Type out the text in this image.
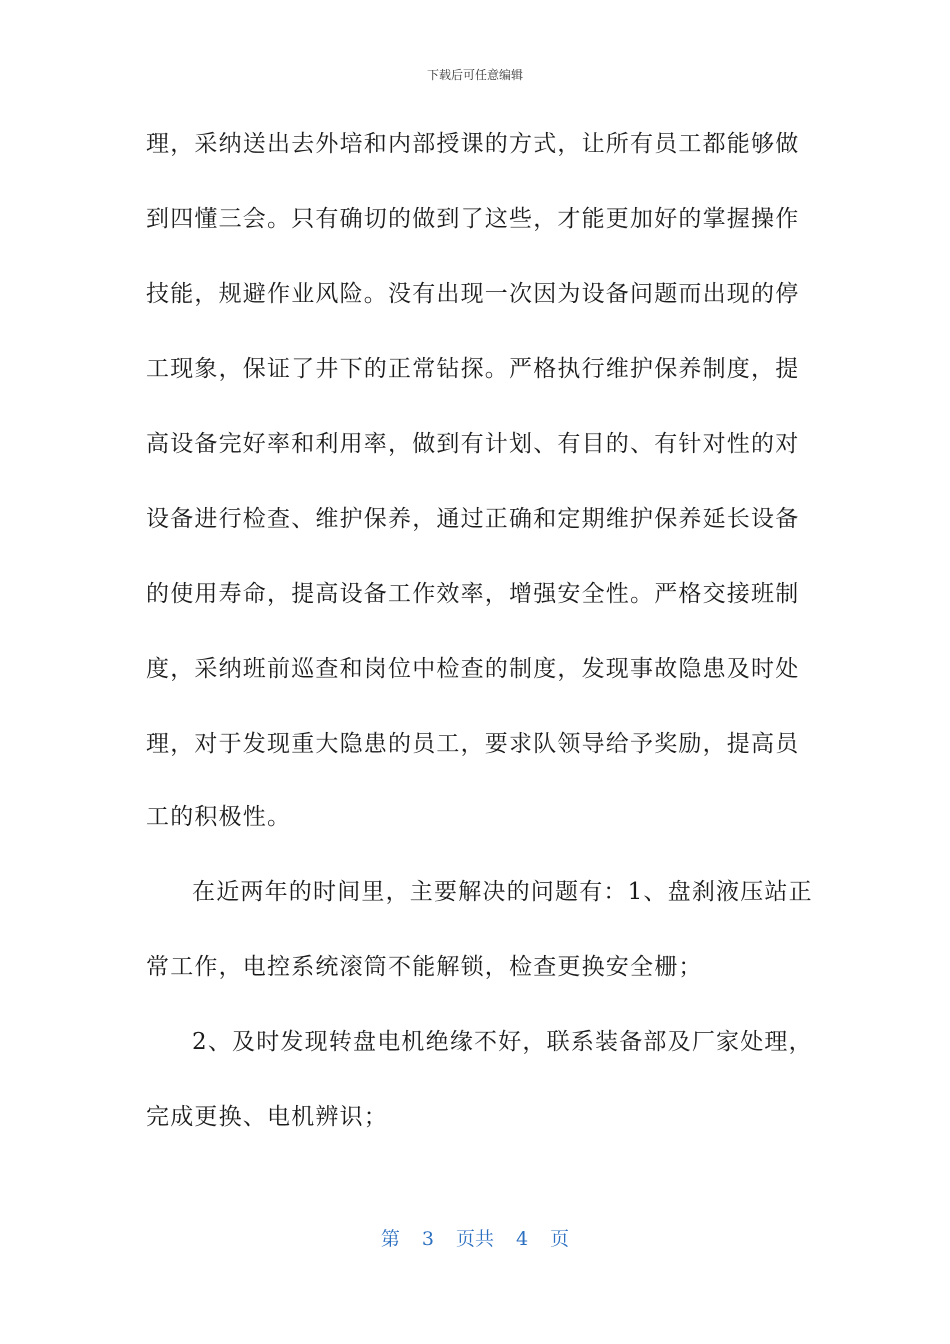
下载后可任意编辑
理，采纳送出去外培和内部授课的方式，让所有员工都能够做
到四懂三会。只有确切的做到了这些，才能更加好的掌握操作
技能，规避作业风险。没有出现一次因为设备问题而出现的停
工现象，保证了井下的正常钻探。严格执行维护保养制度，提
高设备完好率和利用率，做到有计划、有目的、有针对性的对
设备进行检查、维护保养，通过正确和定期维护保养延长设备
的使用寿命，提高设备工作效率，增强安全性。严格交接班制
度，采纳班前巡查和岗位中检查的制度，发现事故隐患及时处
理，对于发现重大隐患的员工，要求队领导给予奖励，提高员
工的积极性。
在近两年的时间里，主要解决的问题有：1、盘刹液压站正
常工作，电控系统滚筒不能解锁，检查更换安全栅；
2、及时发现转盘电机绝缘不好，联系装备部及厂家处理，
完成更换、电机辨识；
第 3 页共 4 页
